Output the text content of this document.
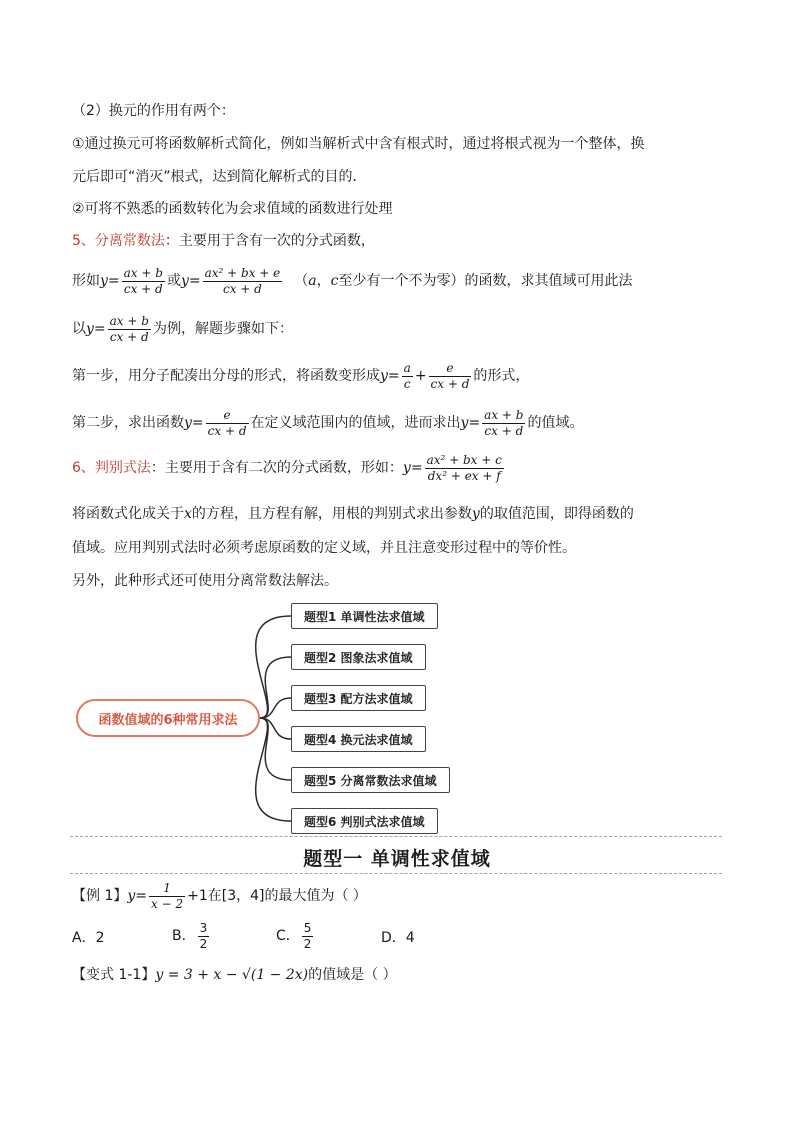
（2）换元的作用有两个：
①通过换元可将函数解析式简化，例如当解析式中含有根式时，通过将根式视为一个整体，换
元后即可“消灭”根式，达到简化解析式的目的．
②可将不熟悉的函数转化为会求值域的函数进行处理
5、分离常数法：主要用于含有一次的分式函数，
形如$y= \frac{ax + b}{cx + d}$ 或$y= \frac{\text{ax² + bx + e}}{cx + d} (a$，c至少有一个不为零）的函数，求其值域可用此法
以$y= \frac{ax + b}{cx + d}$ 为例，解题步骤如下：
第一步，用分子配凑出分母的形式，将函数变形成$y= \frac{a}{c} + \frac{e}{cx + d}$ 的形式，
第二步，求出函数$y= \frac{e}{cx + d}$ 在定义域范围内的值域，进而求出$y= \frac{ax + b}{cx + d}$ 的值域。
6、判别式法：主要用于含有二次的分式函数，形如：$y= \frac{\text{ax² + bx + c}}{\text{dx² + ex + f}}$
将函数式化成关于x的方程，且方程有解，用根的判别式求出参数y的取值范围，即得函数的
值域。应用判别式法时必须考虑原函数的定义域，并且注意变形过程中的等价性。
另外，此种形式还可使用分离常数法解法。
函数值域的6种常用求法
题型1 单调性法求值域
题型2 图象法求值域
题型3 配方法求值域
题型4 换元法求值域
题型5 分离常数法求值域
题型6 判别式法求值域
题型一 单调性求值域
【例 1】$y= \frac{1}{x - 2} +1$在[3，4]的最大值为（ ）
A．2	B． $\frac{3}{2}$	C． $\frac{5}{2}$	D．4
【变式 1-1】y = 3 + x − √(1 − 2x)的值域是（ ）
